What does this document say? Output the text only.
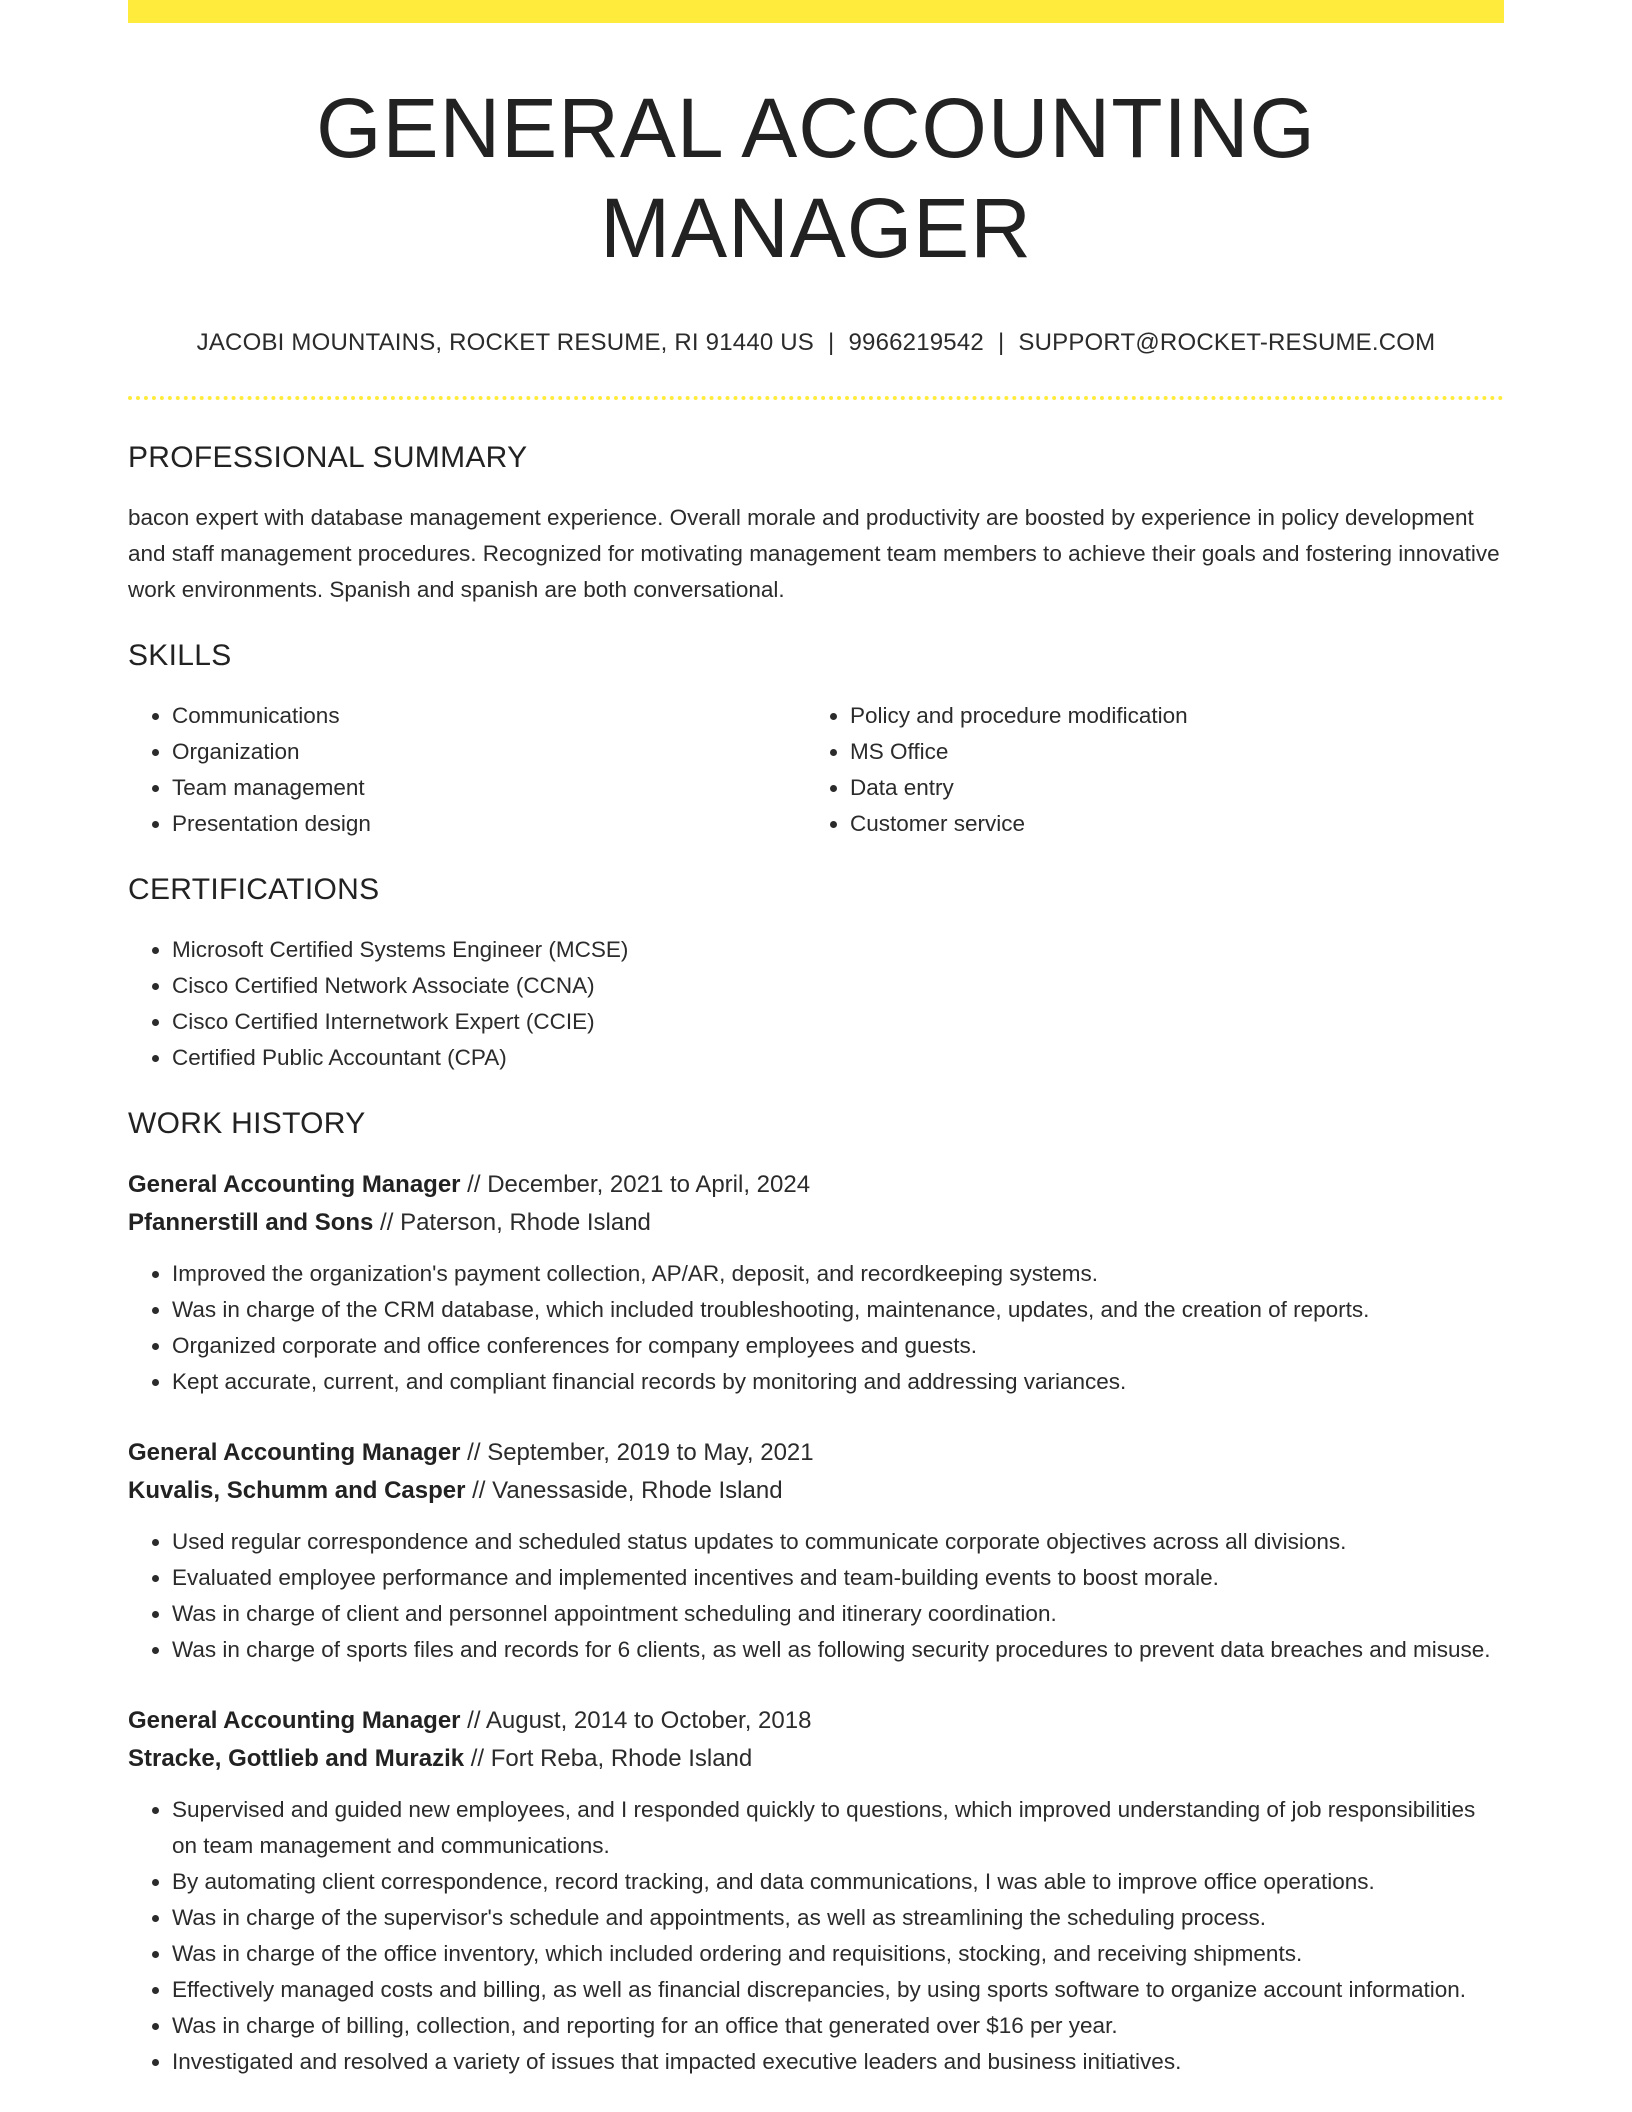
GENERAL ACCOUNTING MANAGER
JACOBI MOUNTAINS, ROCKET RESUME, RI 91440 US | 9966219542 | SUPPORT@ROCKET-RESUME.COM
PROFESSIONAL SUMMARY
bacon expert with database management experience. Overall morale and productivity are boosted by experience in policy development and staff management procedures. Recognized for motivating management team members to achieve their goals and fostering innovative work environments. Spanish and spanish are both conversational.
SKILLS
• Communications
• Organization
• Team management
• Presentation design
• Policy and procedure modification
• MS Office
• Data entry
• Customer service
CERTIFICATIONS
• Microsoft Certified Systems Engineer (MCSE)
• Cisco Certified Network Associate (CCNA)
• Cisco Certified Internetwork Expert (CCIE)
• Certified Public Accountant (CPA)
WORK HISTORY
General Accounting Manager // December, 2021 to April, 2024
Pfannerstill and Sons // Paterson, Rhode Island
• Improved the organization's payment collection, AP/AR, deposit, and recordkeeping systems.
• Was in charge of the CRM database, which included troubleshooting, maintenance, updates, and the creation of reports.
• Organized corporate and office conferences for company employees and guests.
• Kept accurate, current, and compliant financial records by monitoring and addressing variances.
General Accounting Manager // September, 2019 to May, 2021
Kuvalis, Schumm and Casper // Vanessaside, Rhode Island
• Used regular correspondence and scheduled status updates to communicate corporate objectives across all divisions.
• Evaluated employee performance and implemented incentives and team-building events to boost morale.
• Was in charge of client and personnel appointment scheduling and itinerary coordination.
• Was in charge of sports files and records for 6 clients, as well as following security procedures to prevent data breaches and misuse.
General Accounting Manager // August, 2014 to October, 2018
Stracke, Gottlieb and Murazik // Fort Reba, Rhode Island
• Supervised and guided new employees, and I responded quickly to questions, which improved understanding of job responsibilities on team management and communications.
• By automating client correspondence, record tracking, and data communications, I was able to improve office operations.
• Was in charge of the supervisor's schedule and appointments, as well as streamlining the scheduling process.
• Was in charge of the office inventory, which included ordering and requisitions, stocking, and receiving shipments.
• Effectively managed costs and billing, as well as financial discrepancies, by using sports software to organize account information.
• Was in charge of billing, collection, and reporting for an office that generated over $16 per year.
• Investigated and resolved a variety of issues that impacted executive leaders and business initiatives.
